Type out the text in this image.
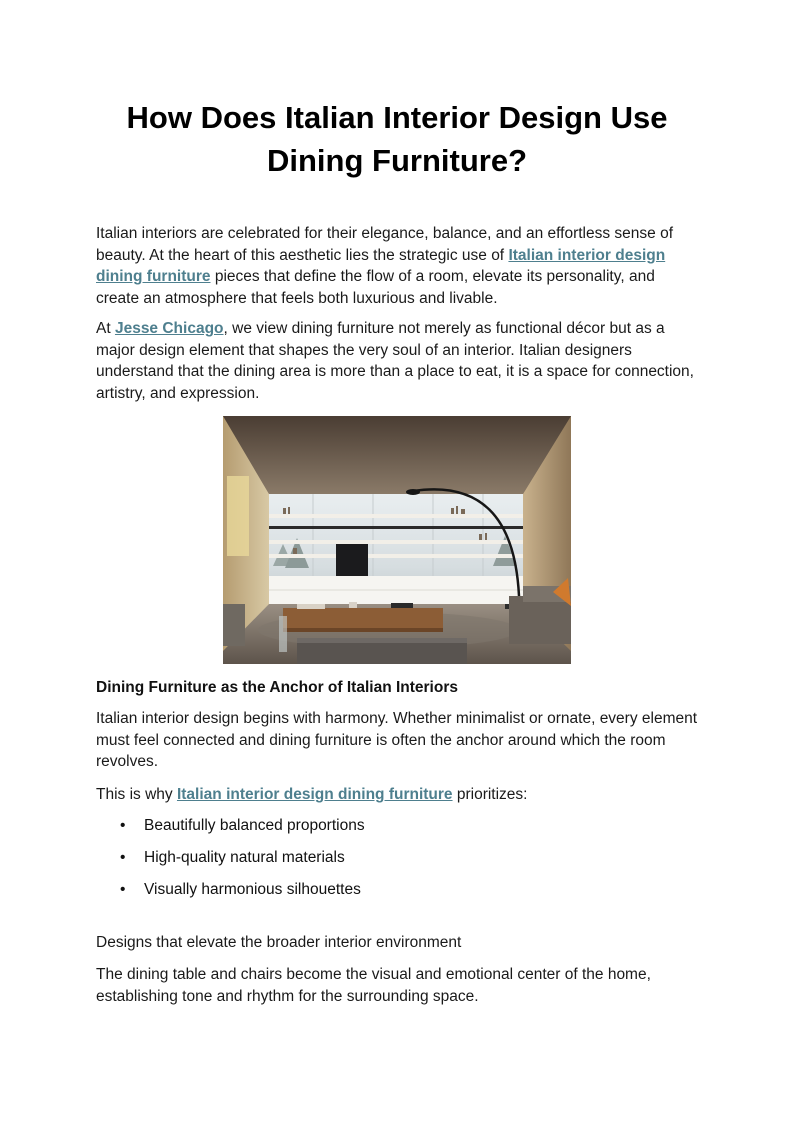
How Does Italian Interior Design Use Dining Furniture?

Italian interiors are celebrated for their elegance, balance, and an effortless sense of beauty. At the heart of this aesthetic lies the strategic use of Italian interior design dining furniture pieces that define the flow of a room, elevate its personality, and create an atmosphere that feels both luxurious and livable.

At Jesse Chicago, we view dining furniture not merely as functional décor but as a major design element that shapes the very soul of an interior. Italian designers understand that the dining area is more than a place to eat, it is a space for connection, artistry, and expression.

Dining Furniture as the Anchor of Italian Interiors

Italian interior design begins with harmony. Whether minimalist or ornate, every element must feel connected and dining furniture is often the anchor around which the room revolves.

This is why Italian interior design dining furniture prioritizes:

• Beautifully balanced proportions
• High-quality natural materials
• Visually harmonious silhouettes

Designs that elevate the broader interior environment

The dining table and chairs become the visual and emotional center of the home, establishing tone and rhythm for the surrounding space.
